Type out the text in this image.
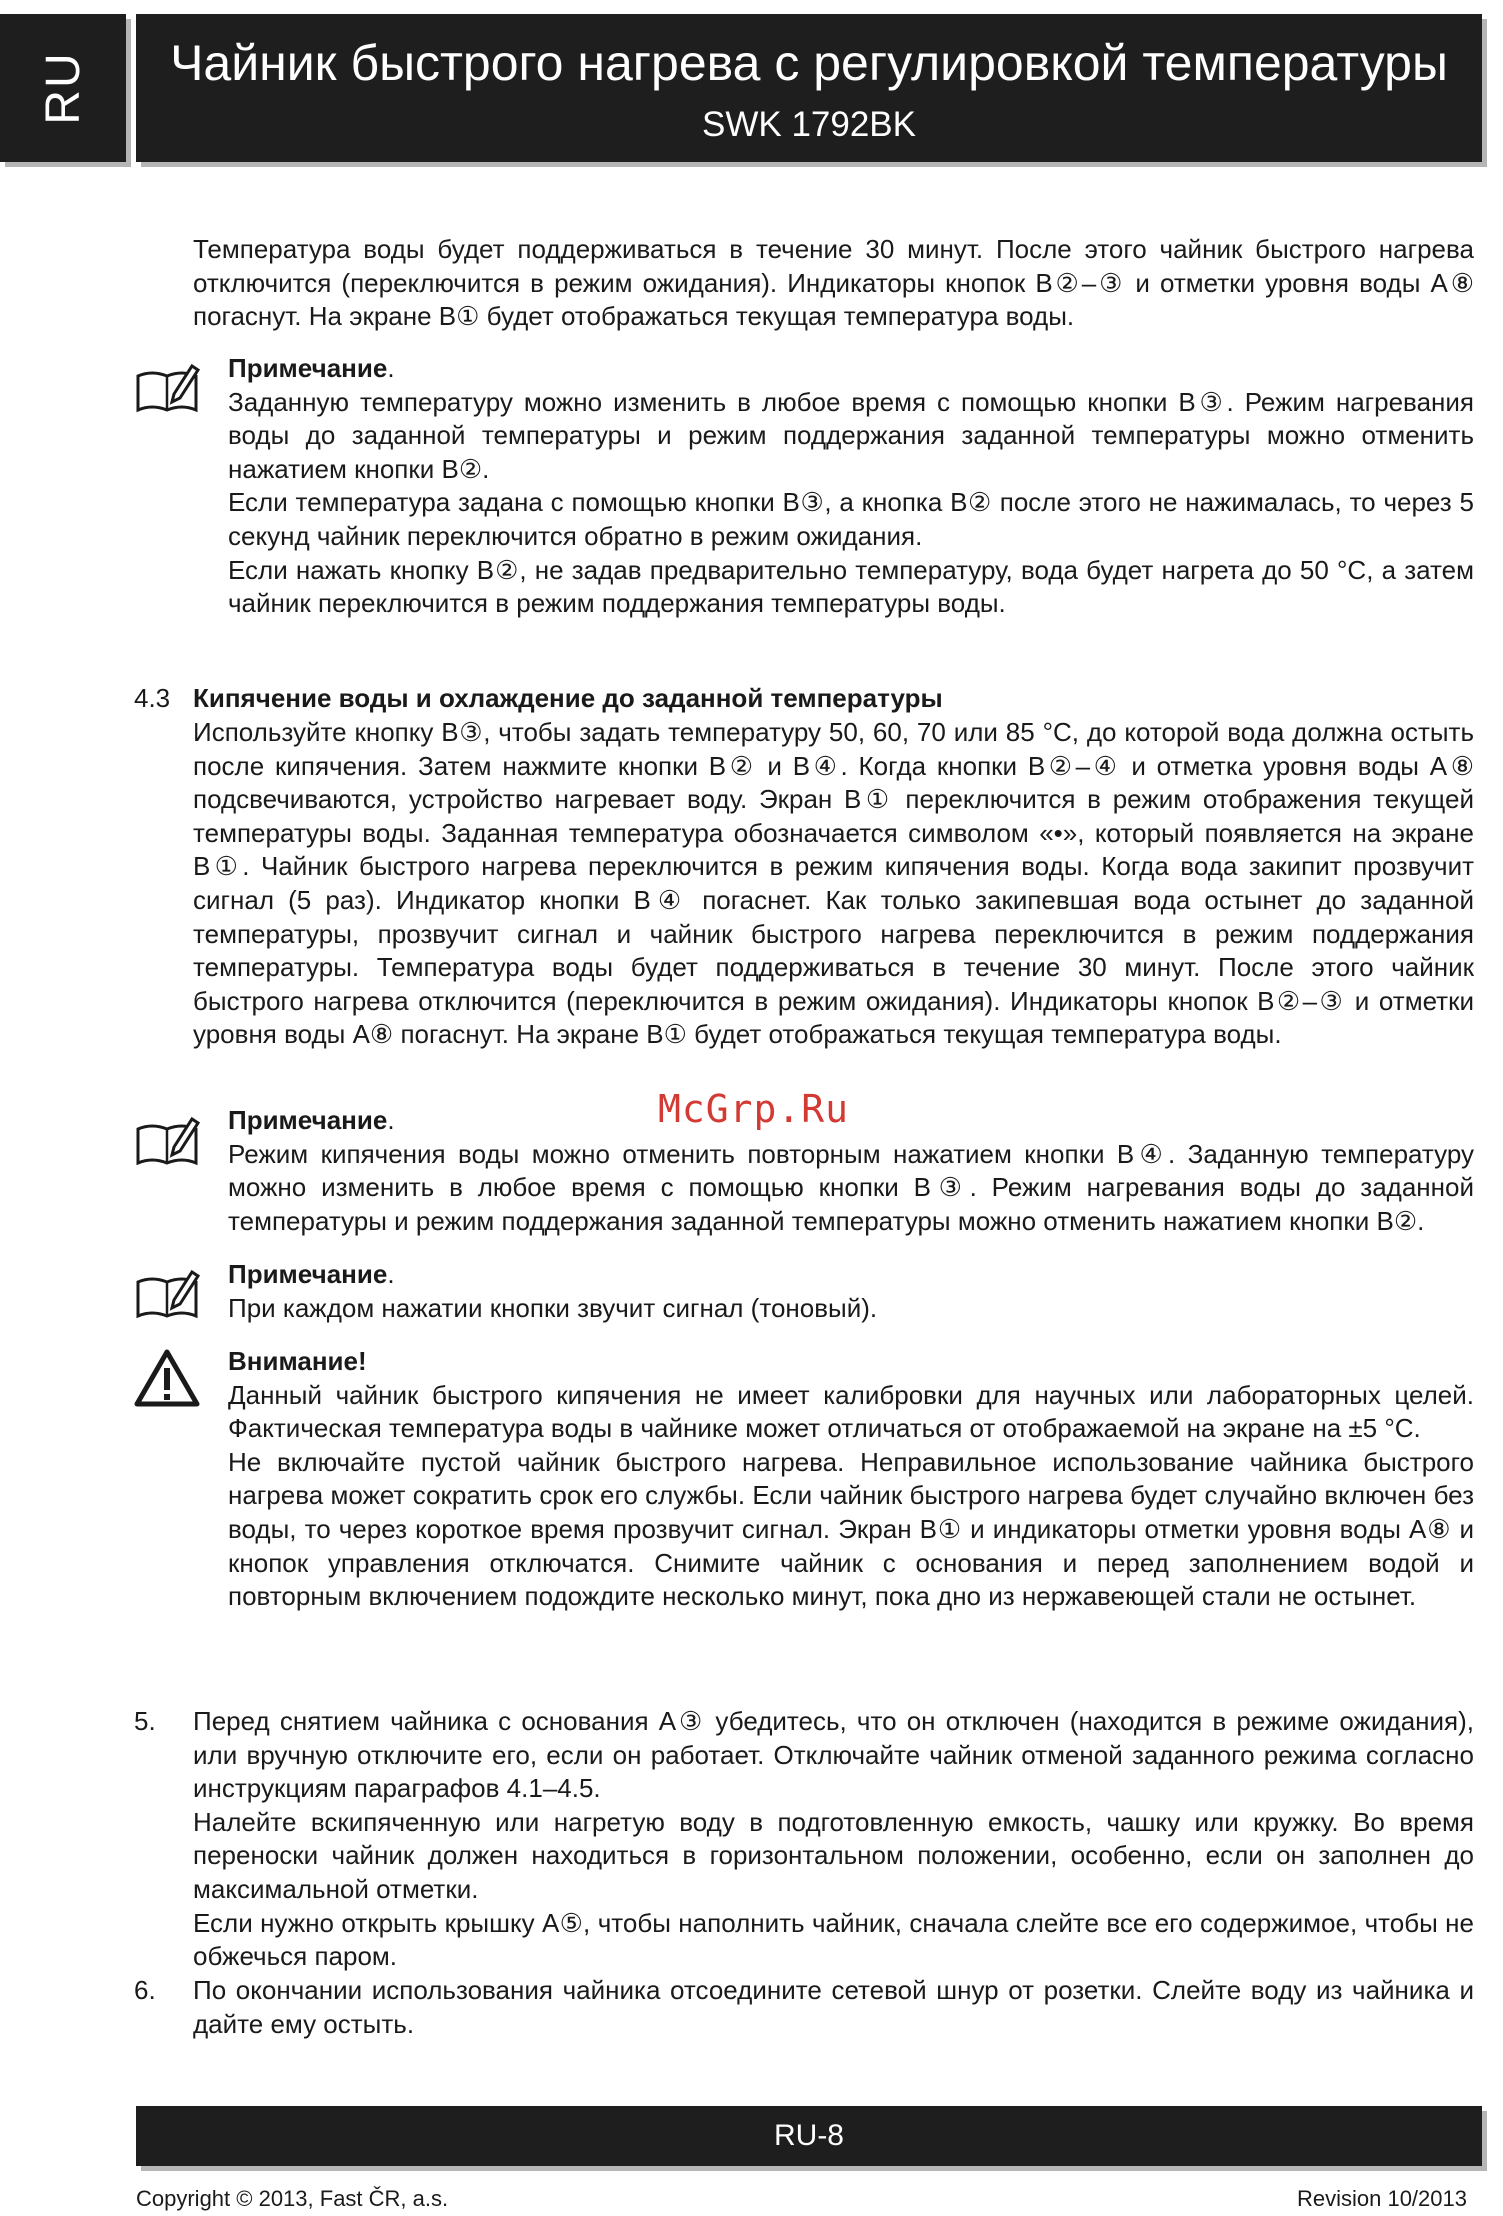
RU	Чайник быстрого нагрева с регулировкой температуры
SWK 1792BK

Температура воды будет поддерживаться в течение 30 минут. После этого чайник быстрого нагрева отключится (переключится в режим ожидания). Индикаторы кнопок B②–③ и отметки уровня воды A⑧ погаснут. На экране B① будет отображаться текущая температура воды.

Примечание.

Заданную температуру можно изменить в любое время с помощью кнопки B③. Режим нагревания воды до заданной температуры и режим поддержания заданной температуры можно отменить нажатием кнопки B②.

Если температура задана с помощью кнопки B③, а кнопка B② после этого не нажималась, то через 5 секунд чайник переключится обратно в режим ожидания.

Если нажать кнопку B②, не задав предварительно температуру, вода будет нагрета до 50 °C, а затем чайник переключится в режим поддержания температуры воды.

4.3 Кипячение воды и охлаждение до заданной температуры

Используйте кнопку B③, чтобы задать температуру 50, 60, 70 или 85 °C, до которой вода должна остыть после кипячения. Затем нажмите кнопки B② и B④. Когда кнопки B②–④ и отметка уровня воды A⑧ подсвечиваются, устройство нагревает воду. Экран B① переключится в режим отображения текущей температуры воды. Заданная температура обозначается символом «•», который появляется на экране B①. Чайник быстрого нагрева переключится в режим кипячения воды. Когда вода закипит прозвучит сигнал (5 раз). Индикатор кнопки B④ погаснет. Как только закипевшая вода остынет до заданной температуры, прозвучит сигнал и чайник быстрого нагрева переключится в режим поддержания температуры. Температура воды будет поддерживаться в течение 30 минут. После этого чайник быстрого нагрева отключится (переключится в режим ожидания). Индикаторы кнопок B②–③ и отметки уровня воды A⑧ погаснут. На экране B① будет отображаться текущая температура воды.

McGrp.Ru

Примечание.

Режим кипячения воды можно отменить повторным нажатием кнопки B④. Заданную температуру можно изменить в любое время с помощью кнопки B③. Режим нагревания воды до заданной температуры и режим поддержания заданной температуры можно отменить нажатием кнопки B②.

Примечание.

При каждом нажатии кнопки звучит сигнал (тоновый).

Внимание!

Данный чайник быстрого кипячения не имеет калибровки для научных или лабораторных целей. Фактическая температура воды в чайнике может отличаться от отображаемой на экране на ±5 °C.

Не включайте пустой чайник быстрого нагрева. Неправильное использование чайника быстрого нагрева может сократить срок его службы. Если чайник быстрого нагрева будет случайно включен без воды, то через короткое время прозвучит сигнал. Экран B① и индикаторы отметки уровня воды A⑧ и кнопок управления отключатся. Снимите чайник с основания и перед заполнением водой и повторным включением подождите несколько минут, пока дно из нержавеющей стали не остынет.

5. Перед снятием чайника с основания A③ убедитесь, что он отключен (находится в режиме ожидания), или вручную отключите его, если он работает. Отключайте чайник отменой заданного режима согласно инструкциям параграфов 4.1–4.5.

Налейте вскипяченную или нагретую воду в подготовленную емкость, чашку или кружку. Во время переноски чайник должен находиться в горизонтальном положении, особенно, если он заполнен до максимальной отметки.

Если нужно открыть крышку A⑤, чтобы наполнить чайник, сначала слейте все его содержимое, чтобы не обжечься паром.

6. По окончании использования чайника отсоедините сетевой шнур от розетки. Слейте воду из чайника и дайте ему остыть.

RU-8
Copyright © 2013, Fast ČR, a.s.	Revision 10/2013
